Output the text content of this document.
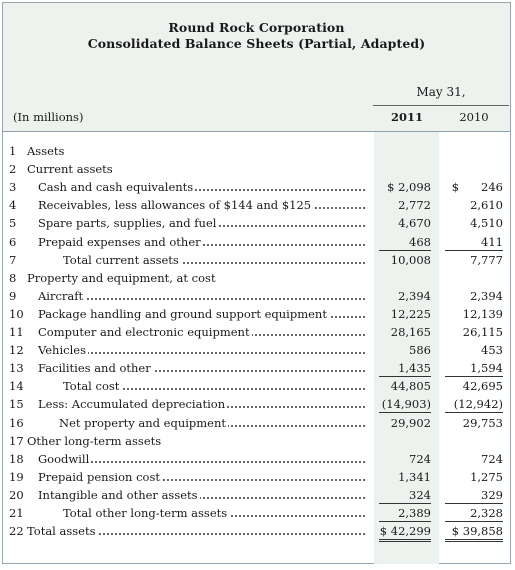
Round Rock Corporation
Consolidated Balance Sheets (Partial, Adapted)
May 31,
2011	2010
(In millions)
1 Assets
2 Current assets
3	Cash and cash equivalents	$ 2,098	$      246
4	Receivables, less allowances of $144 and $125	2,772	2,610
5	Spare parts, supplies, and fuel	4,670	4,510
6	Prepaid expenses and other	468	411
7	Total current assets	10,008	7,777
8 Property and equipment, at cost
9	Aircraft	2,394	2,394
10 Package handling and ground support equipment	12,225	12,139
11 Computer and electronic equipment	28,165	26,115
12 Vehicles	586	453
13 Facilities and other	1,435	1,594
14	Total cost	44,805	42,695
15 Less: Accumulated depreciation	(14,903)	(12,942)
16	Net property and equipment	29,902	29,753
17 Other long-term assets
18 Goodwill	724	724
19 Prepaid pension cost	1,341	1,275
20 Intangible and other assets	324	329
21	Total other long-term assets	2,389	2,328
22 Total assets	$ 42,299	$ 39,858
